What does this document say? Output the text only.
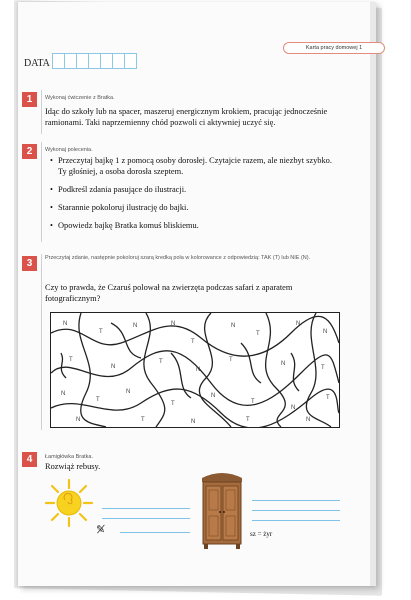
Karta pracy domowej 1
DATA
1	Wykonaj ćwiczenie z Bratka.
Idąc do szkoły lub na spacer, maszeruj energicznym krokiem, pracując jednocześnie ramionami. Taki naprzemienny chód pozwoli ci aktywniej uczyć się.
2	Wykonaj polecenia.
• Przeczytaj bajkę 1 z pomocą osoby dorosłej. Czytajcie razem, ale niezbyt szybko. Ty głośniej, a osoba dorosła szeptem.
• Podkreśl zdania pasujące do ilustracji.
• Starannie pokoloruj ilustrację do bajki.
• Opowiedz bajkę Bratka komuś bliskiemu.
3	Przeczytaj zdanie, następnie pokoloruj szarą kredką pola w kolorowance z odpowiedzią: TAK (T) lub NIE (N).
Czy to prawda, że Czaruś polował na zwierzęta podczas safari z aparatem fotograficznym?
N
T
N	N
T
N
T
N
N
T
N
T
N
T
N
T
N
T
N
T
N
T
N
T
N	T	N	T	N
4	Łamigłówka Bratka.
Rozwiąż rebusy.
✎̸	sz = żyr
